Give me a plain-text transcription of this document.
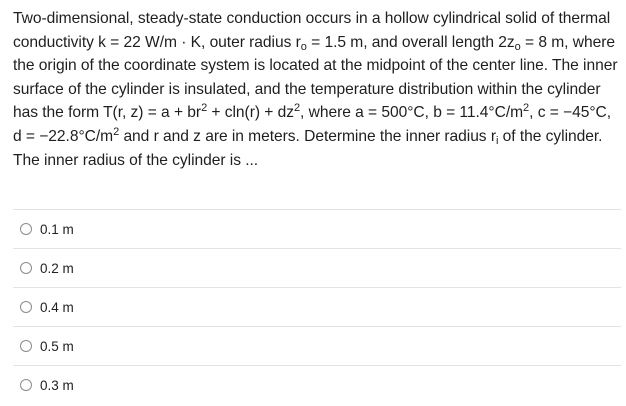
Two-dimensional, steady-state conduction occurs in a hollow cylindrical solid of thermal conductivity k = 22 W/m · K, outer radius $r_o = 1.5$ m, and overall length $2z_o = 8$ m, where the origin of the coordinate system is located at the midpoint of the center line. The inner surface of the cylinder is insulated, and the temperature distribution within the cylinder has the form T(r, $z) = a + br^2 + cln(r) + dz^2$, where a = 500°C, $b = 11.4^\circ C/m^2$, c = −45°C, $d = -22.8^\circ C/m^2$ and r and z are in meters. Determine the inner radius $r_i$ of the cylinder. The inner radius of the cylinder is ...
0.1 m
0.2 m
0.4 m
0.5 m
0.3 m
